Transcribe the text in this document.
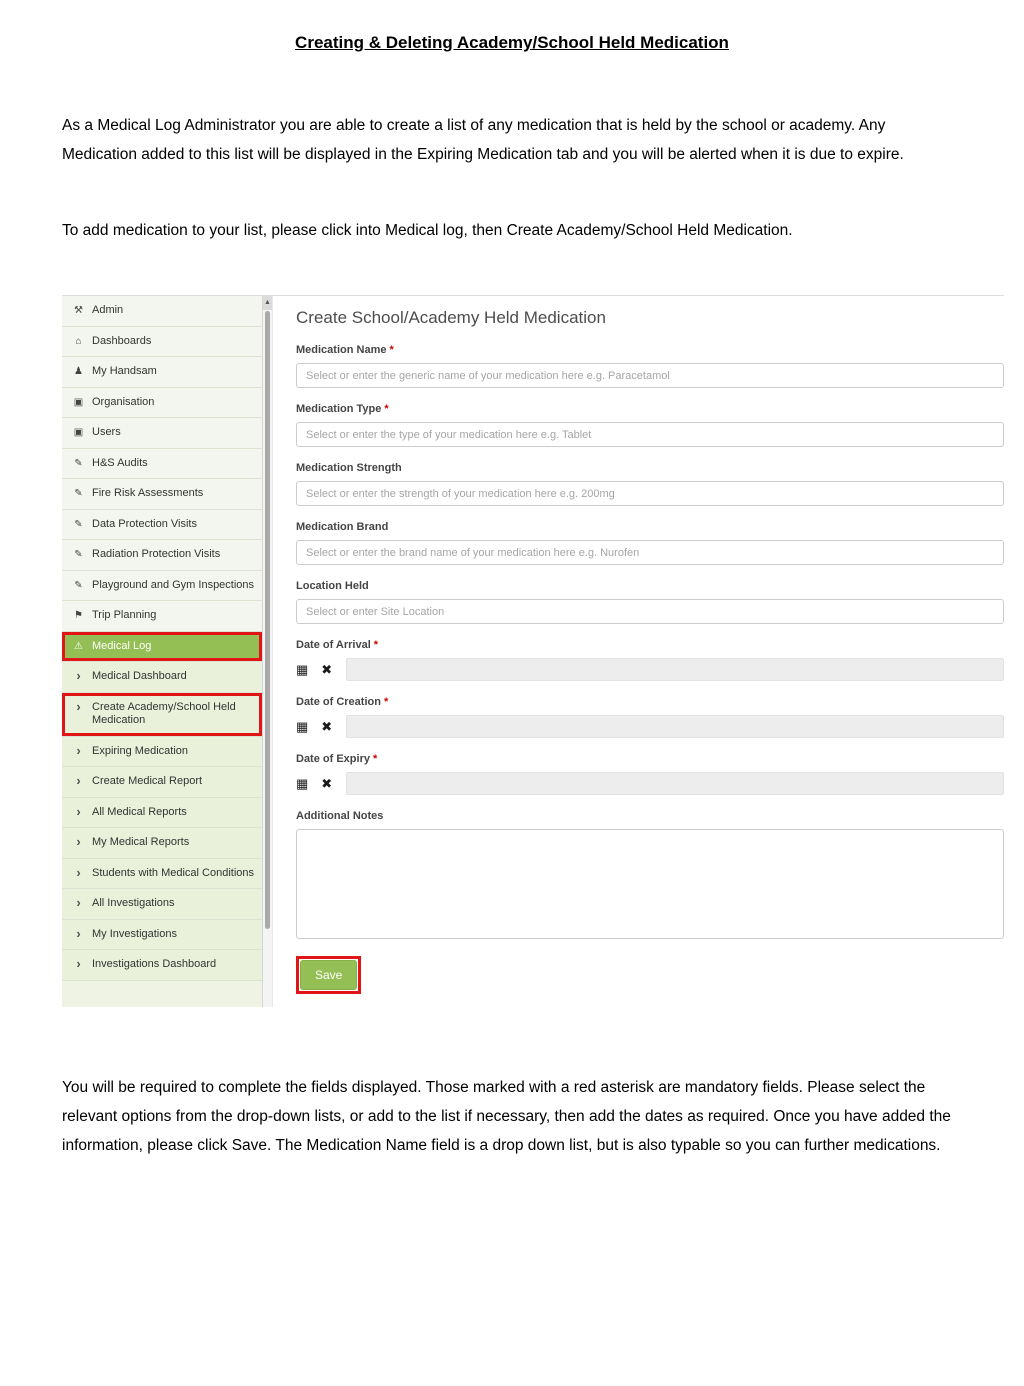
Creating & Deleting Academy/School Held Medication

As a Medical Log Administrator you are able to create a list of any medication that is held by the school or academy. Any Medication added to this list will be displayed in the Expiring Medication tab and you will be alerted when it is due to expire.

To add medication to your list, please click into Medical log, then Create Academy/School Held Medication.

⚒ Admin
⌂ Dashboards
♟ My Handsam
▣ Organisation
▣ Users
✎ H&S Audits
✎ Fire Risk Assessments
✎ Data Protection Visits
✎ Radiation Protection Visits
✎ Playground and Gym Inspections
⚑ Trip Planning
⚠ Medical Log
›	Medical Dashboard
›	Create Academy/School Held Medication
›	Expiring Medication
›	Create Medical Report
›	All Medical Reports
›	My Medical Reports
›	Students with Medical Conditions
›	All Investigations
›	My Investigations
›	Investigations Dashboard
▲
Create School/Academy Held Medication
Medication Name *
Select or enter the generic name of your medication here e.g. Paracetamol
Medication Type *
Select or enter the type of your medication here e.g. Tablet
Medication Strength
Select or enter the strength of your medication here e.g. 200mg
Medication Brand
Select or enter the brand name of your medication here e.g. Nurofen
Location Held
Select or enter Site Location
Date of Arrival *
▦ ✖
Date of Creation *
▦ ✖
Date of Expiry *
▦ ✖
Additional Notes
Save

You will be required to complete the fields displayed. Those marked with a red asterisk are mandatory fields. Please select the relevant options from the drop-down lists, or add to the list if necessary, then add the dates as required. Once you have added the information, please click Save. The Medication Name field is a drop down list, but is also typable so you can further medications.
